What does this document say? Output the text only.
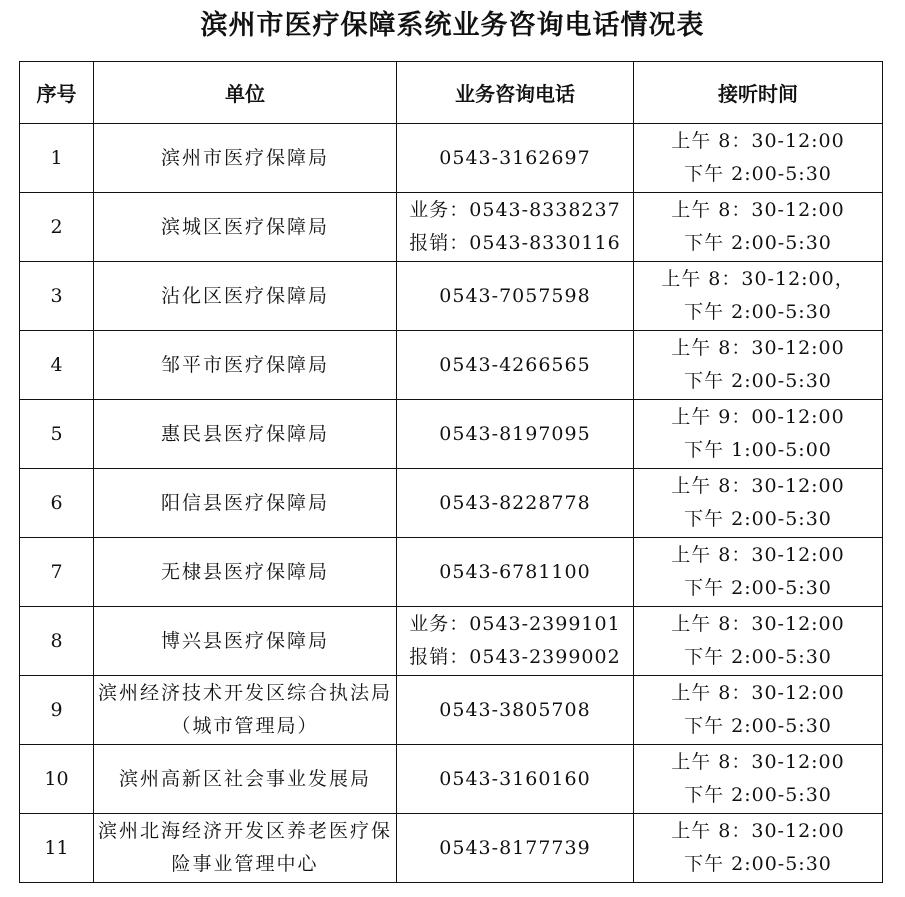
滨州市医疗保障系统业务咨询电话情况表
序号	单位	业务咨询电话	接听时间
1	滨州市医疗保障局	0543-3162697	上午 8：30-12:00
下午 2:00-5:30

2	滨城区医疗保障局	业务：0543-8338237
报销：0543-8330116	上午 8：30-12:00
下午 2:00-5:30

3	沾化区医疗保障局	0543-7057598	上午 8：30-12:00，
下午 2:00-5:30

4	邹平市医疗保障局	0543-4266565	上午 8：30-12:00
下午 2:00-5:30

5	惠民县医疗保障局	0543-8197095	上午 9：00-12:00
下午 1:00-5:00

6	阳信县医疗保障局	0543-8228778	上午 8：30-12:00
下午 2:00-5:30

7	无棣县医疗保障局	0543-6781100	上午 8：30-12:00
下午 2:00-5:30

8	博兴县医疗保障局	业务：0543-2399101
报销：0543-2399002	上午 8：30-12:00
下午 2:00-5:30

9	滨州经济技术开发区综合执法局（城市管理局）	0543-3805708	上午 8：30-12:00
下午 2:00-5:30

10	滨州高新区社会事业发展局	0543-3160160	上午 8：30-12:00
下午 2:00-5:30

11	滨州北海经济开发区养老医疗保险事业管理中心	0543-8177739	上午 8：30-12:00
下午 2:00-5:30
